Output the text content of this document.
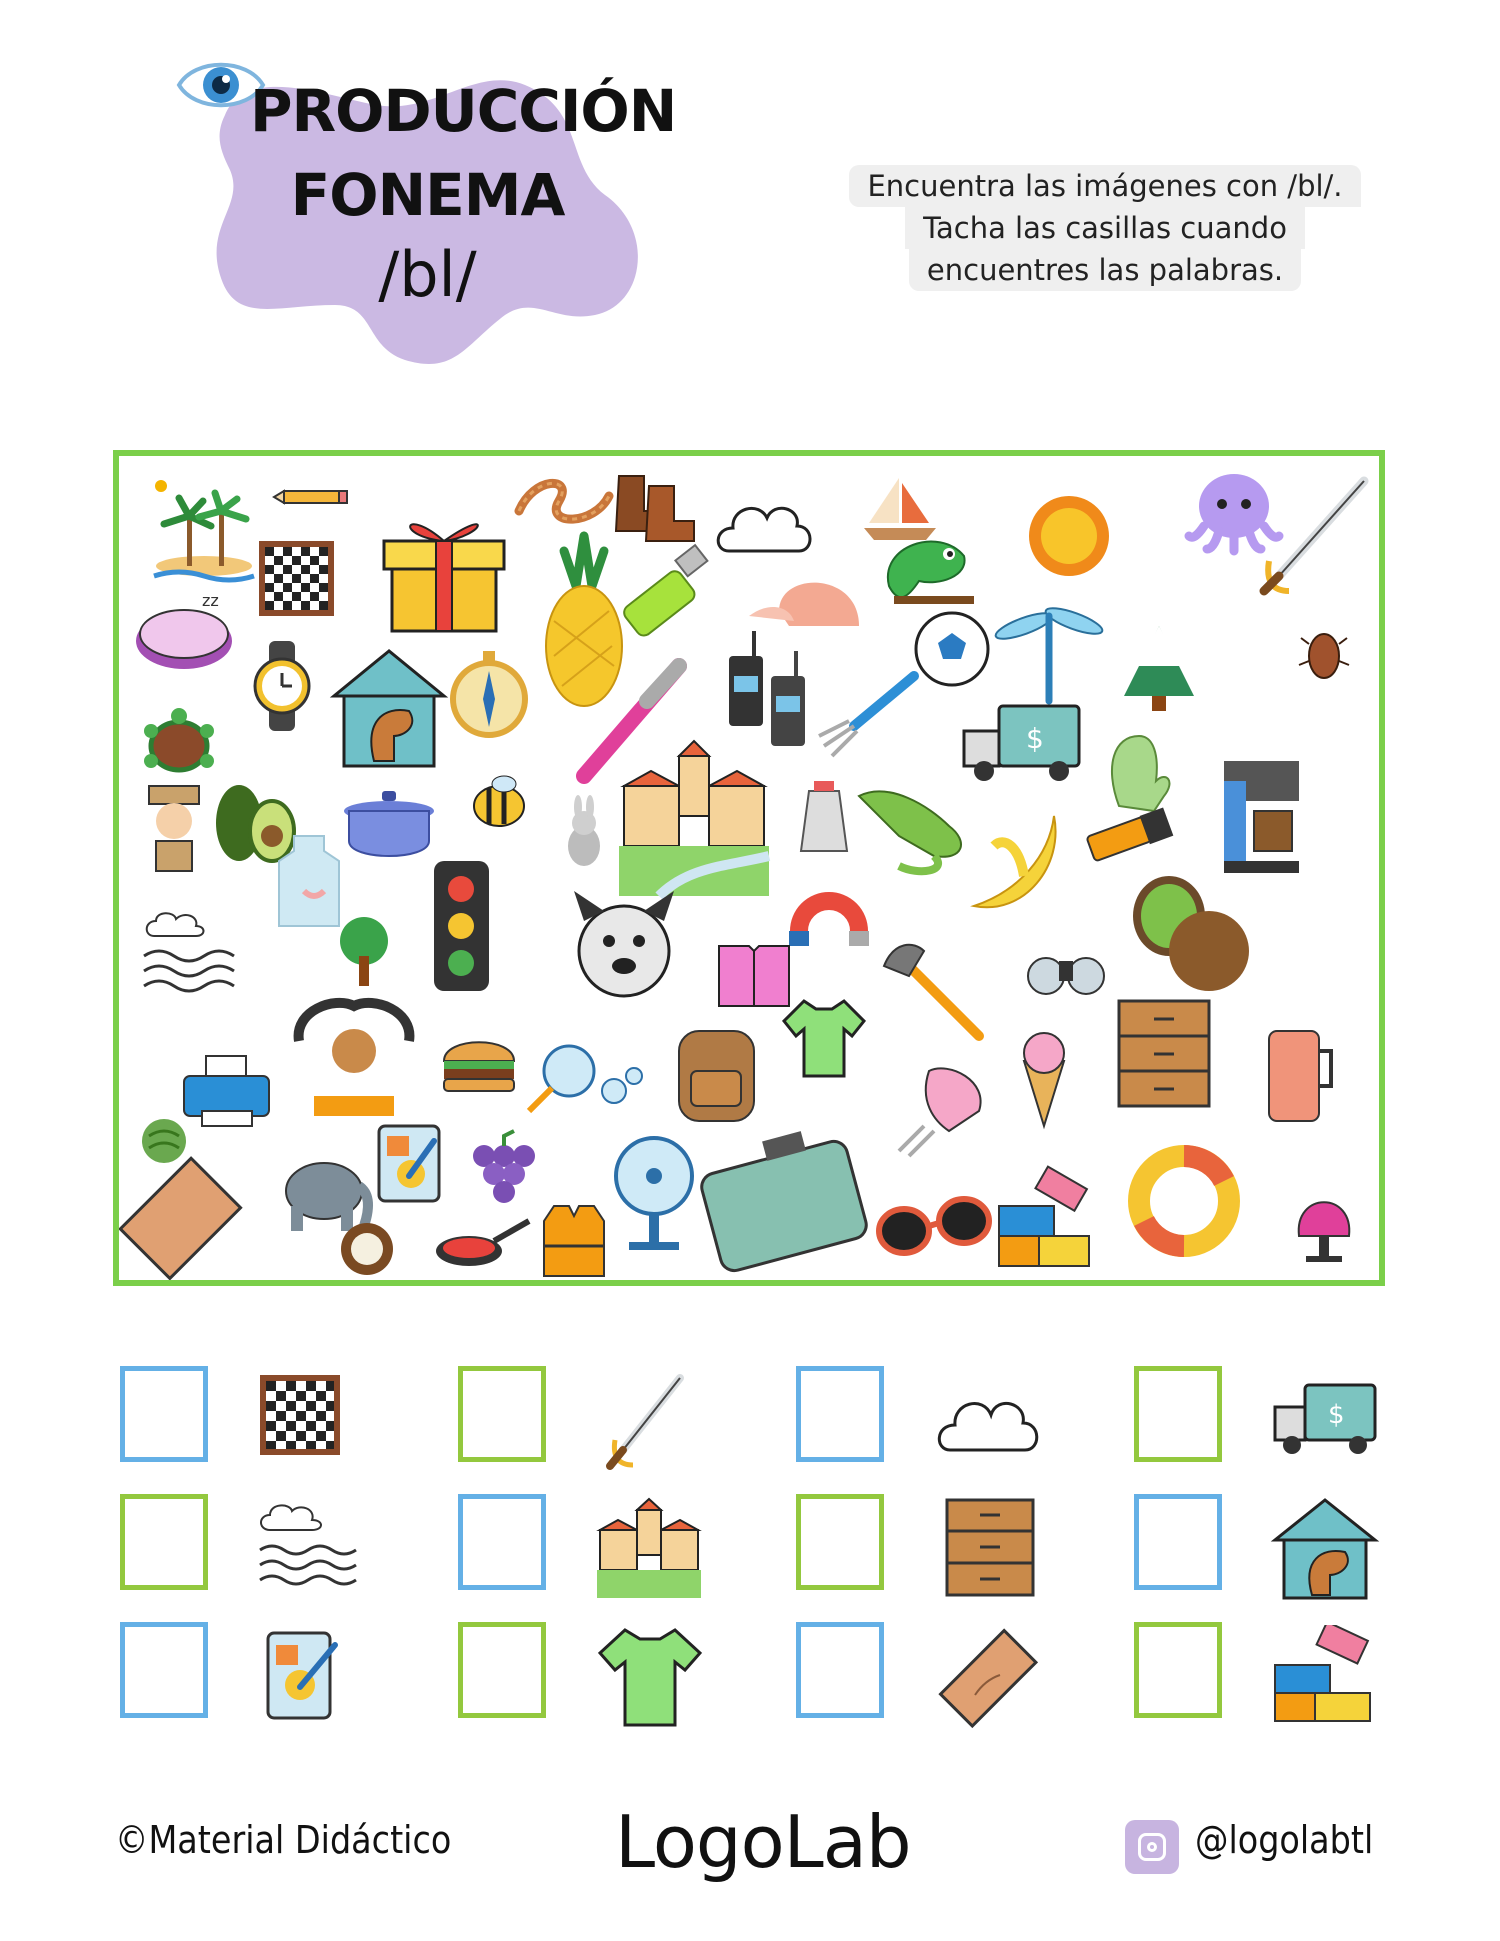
PRODUCCIÓN
FONEMA
/bl/
Encuentra las imágenes con /bl/.
Tacha las casillas cuando
encuentres las palabras.
zz
$
$
©Material Didáctico LogoLab	@logolabtl
